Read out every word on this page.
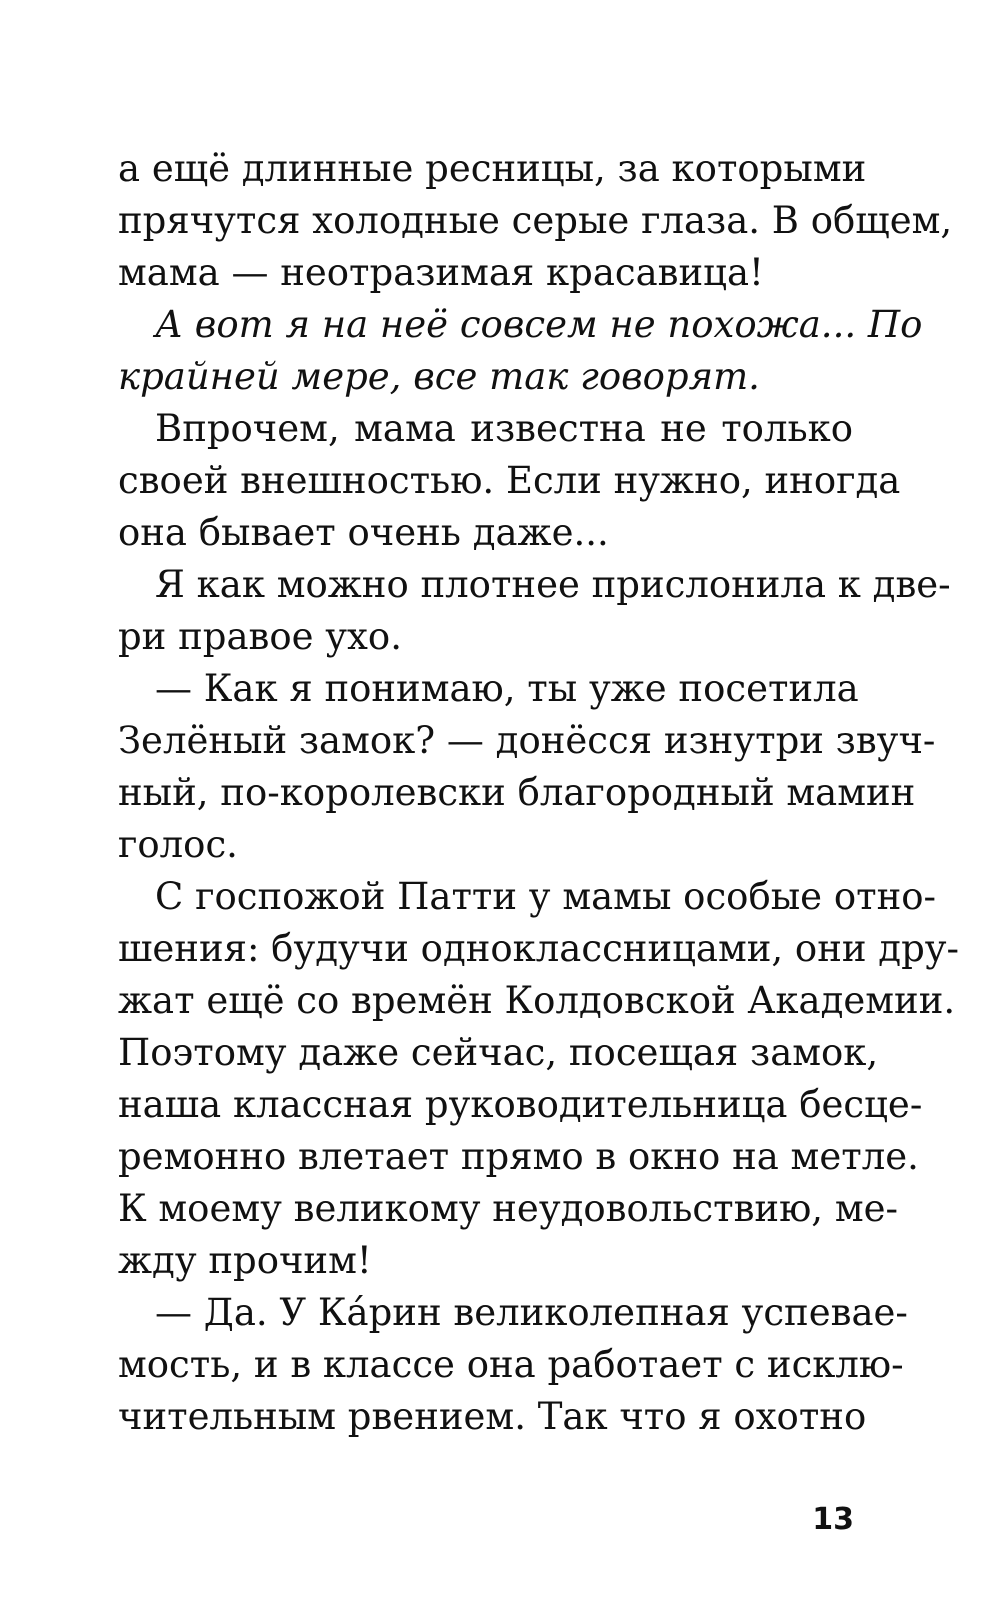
а ещё длинные ресницы, за которыми
прячутся холодные серые глаза. В общем,
мама — неотразимая красавица!
А вот я на неё совсем не похожа... По
крайней мере, все так говорят.
Впрочем, мама известна не только
своей внешностью. Если нужно, иногда
она бывает очень даже...
Я как можно плотнее прислонила к две-
ри правое ухо.
— Как я понимаю, ты уже посетила
Зелёный замок? — донёсся изнутри звуч-
ный, по-королевски благородный мамин
голос.
С госпожой Патти у мамы особые отно-
шения: будучи одноклассницами, они дру-
жат ещё со времён Колдовской Академии.
Поэтому даже сейчас, посещая замок,
наша классная руководительница бесце-
ремонно влетает прямо в окно на метле.
К моему великому неудовольствию, ме-
жду прочим!
— Да. У Ка́рин великолепная успевае-
мость, и в классе она работает с исклю-
чительным рвением. Так что я охотно
13
